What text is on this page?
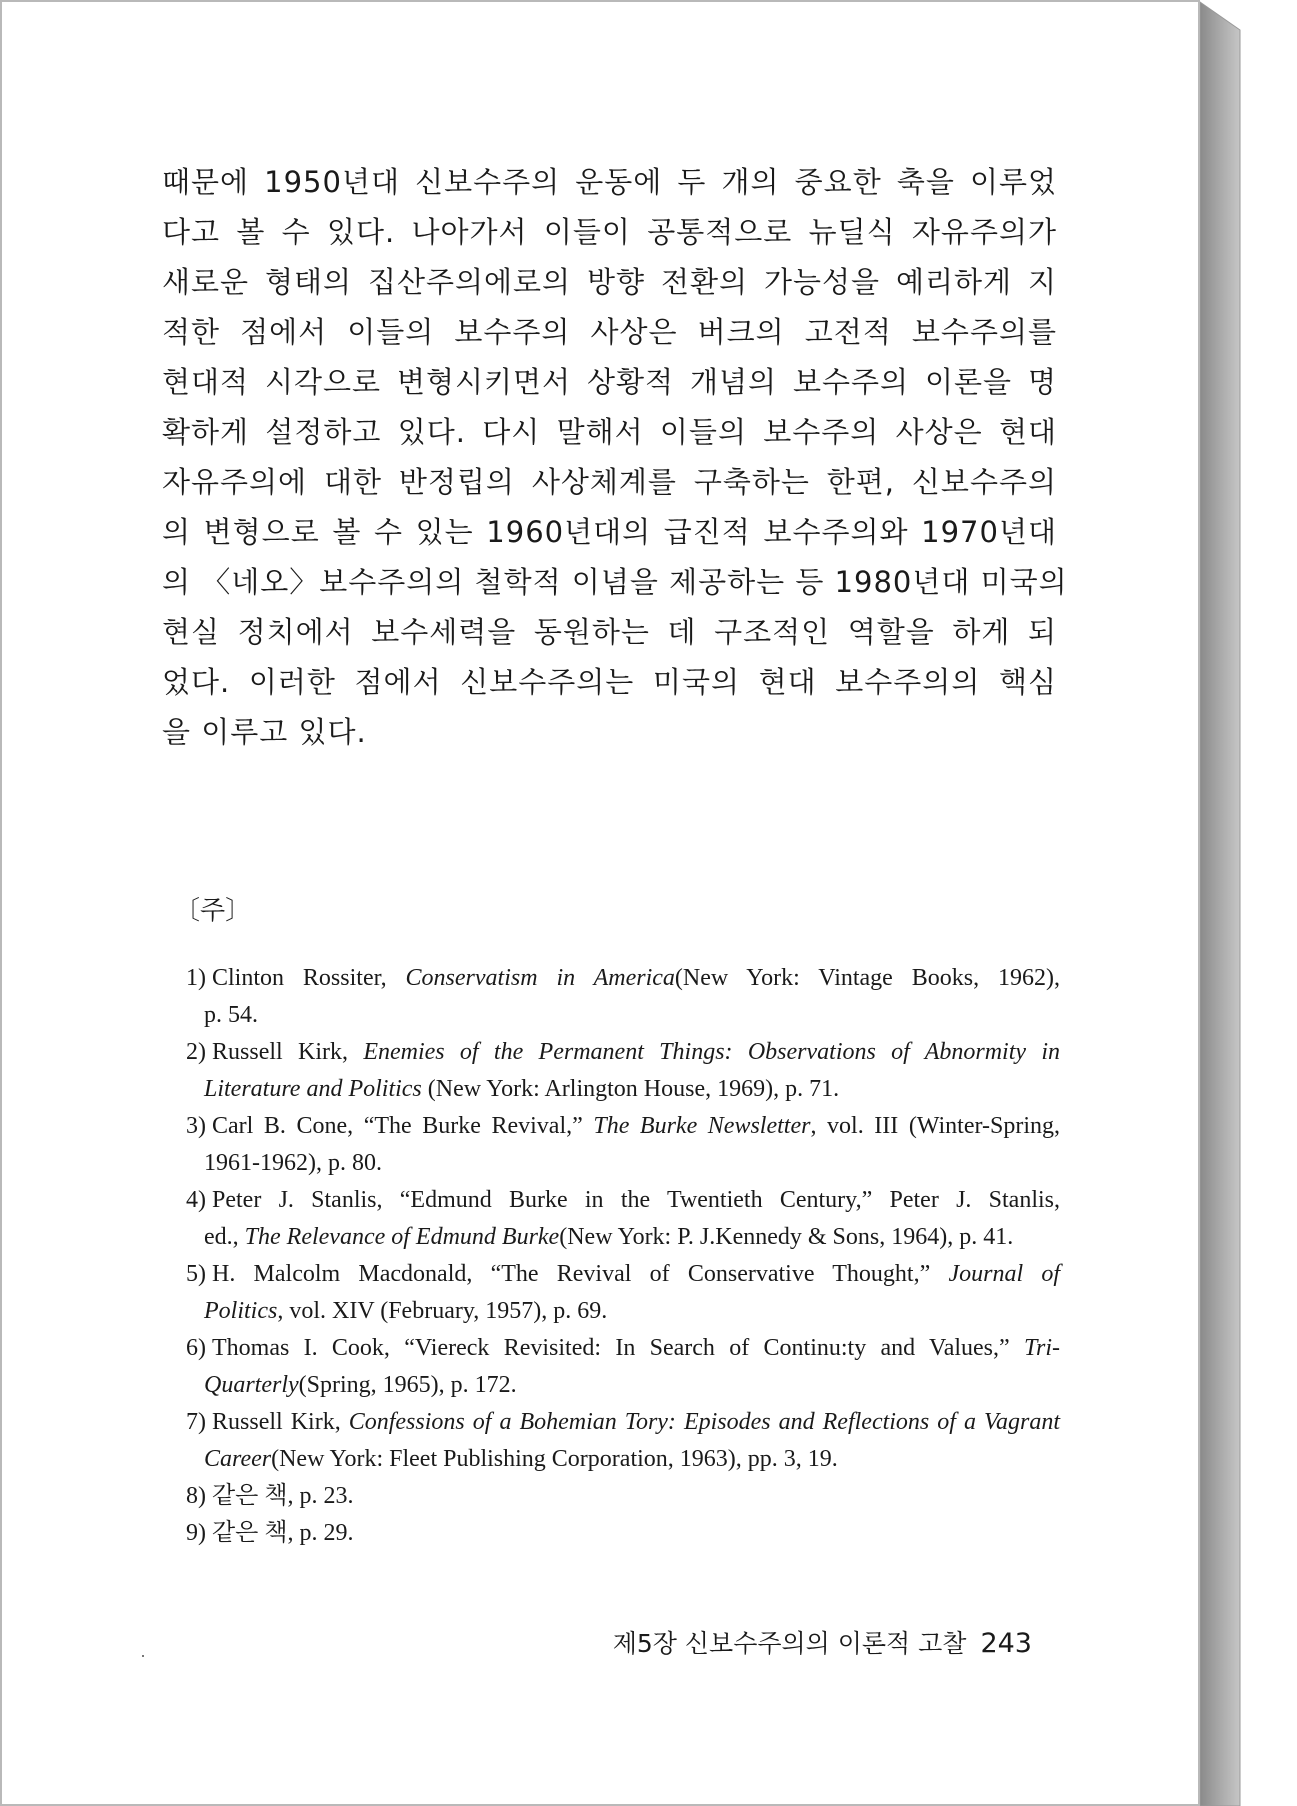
때문에 1950년대 신보수주의 운동에 두 개의 중요한 축을 이루었
다고 볼 수 있다. 나아가서 이들이 공통적으로 뉴딜식 자유주의가
새로운 형태의 집산주의에로의 방향 전환의 가능성을 예리하게 지
적한 점에서 이들의 보수주의 사상은 버크의 고전적 보수주의를
현대적 시각으로 변형시키면서 상황적 개념의 보수주의 이론을 명
확하게 설정하고 있다. 다시 말해서 이들의 보수주의 사상은 현대
자유주의에 대한 반정립의 사상체계를 구축하는 한편, 신보수주의
의 변형으로 볼 수 있는 1960년대의 급진적 보수주의와 1970년대
의 〈네오〉보수주의의 철학적 이념을 제공하는 등 1980년대 미국의
현실 정치에서 보수세력을 동원하는 데 구조적인 역할을 하게 되
었다. 이러한 점에서 신보수주의는 미국의 현대 보수주의의 핵심
을 이루고 있다.
〔주〕
1) Clinton Rossiter, Conservatism in America(New York: Vintage Books, 1962),
p. 54.
2) Russell Kirk, Enemies of the Permanent Things: Observations of Abnormity in
Literature and Politics (New York: Arlington House, 1969), p. 71.
3) Carl B. Cone, “The Burke Revival,” The Burke Newsletter, vol. III (Winter-Spring,
1961-1962), p. 80.
4) Peter J. Stanlis, “Edmund Burke in the Twentieth Century,” Peter J. Stanlis,
ed., The Relevance of Edmund Burke(New York: P. J.Kennedy & Sons, 1964), p. 41.
5) H. Malcolm Macdonald, “The Revival of Conservative Thought,” Journal of
Politics, vol. XIV (February, 1957), p. 69.
6) Thomas I. Cook, “Viereck Revisited: In Search of Continu:ty and Values,” Tri-
Quarterly(Spring, 1965), p. 172.
7) Russell Kirk, Confessions of a Bohemian Tory: Episodes and Reflections of a Vagrant
Career(New York: Fleet Publishing Corporation, 1963), pp. 3, 19.
8) 같은 책, p. 23.
9) 같은 책, p. 29.
제5장 신보수주의의 이론적 고찰 243
